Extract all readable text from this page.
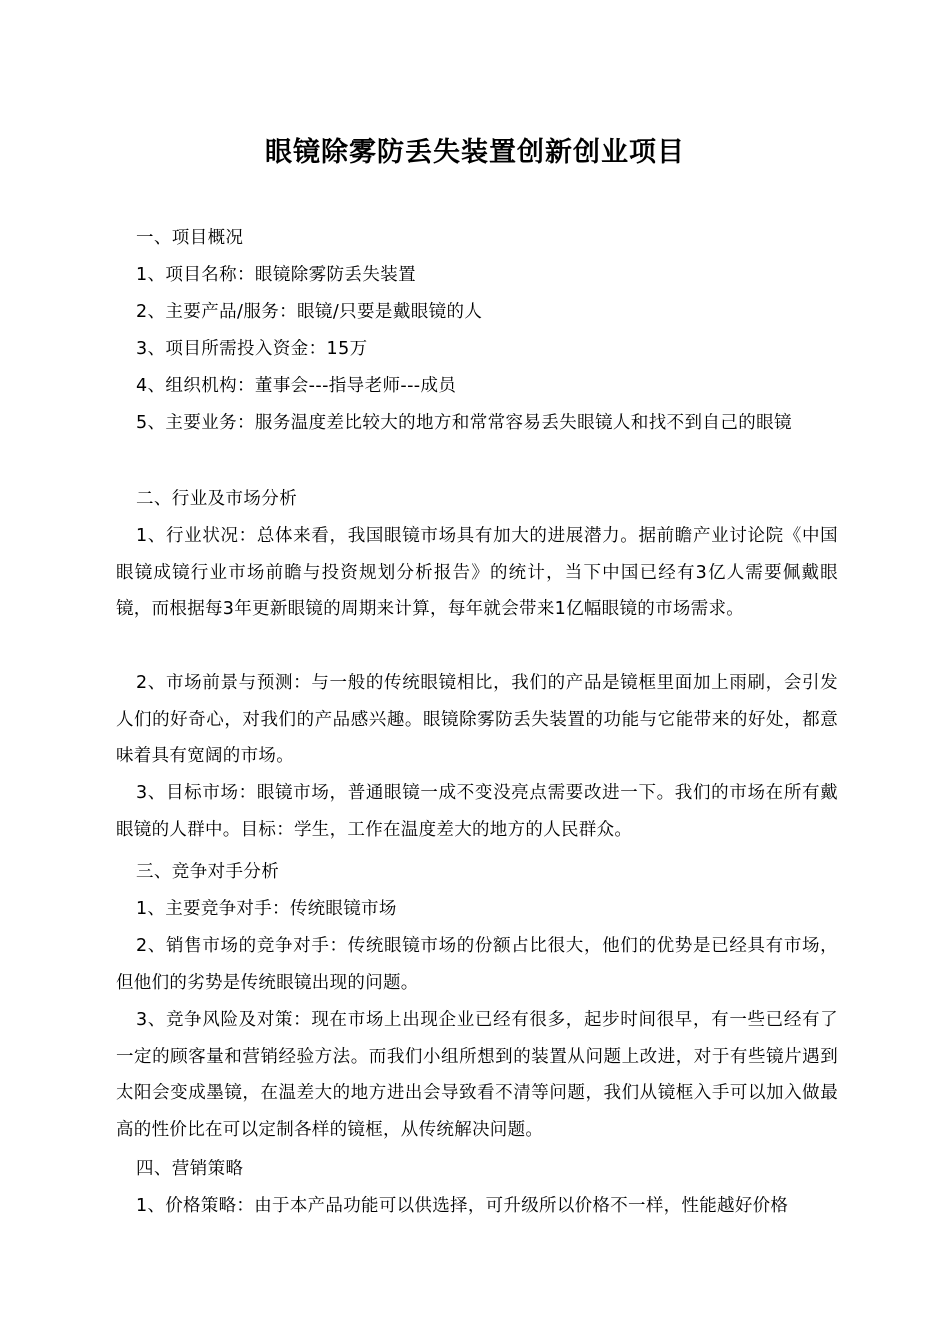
眼镜除雾防丢失装置创新创业项目
一、项目概况
1、项目名称：眼镜除雾防丢失装置
2、主要产品/服务：眼镜/只要是戴眼镜的人
3、项目所需投入资金：15万
4、组织机构：董事会---指导老师---成员
5、主要业务：服务温度差比较大的地方和常常容易丢失眼镜人和找不到自己的眼镜
二、行业及市场分析
1、行业状况：总体来看，我国眼镜市场具有加大的进展潜力。据前瞻产业讨论院《中国眼镜成镜行业市场前瞻与投资规划分析报告》的统计，当下中国已经有3亿人需要佩戴眼镜，而根据每3年更新眼镜的周期来计算，每年就会带来1亿幅眼镜的市场需求。
2、市场前景与预测：与一般的传统眼镜相比，我们的产品是镜框里面加上雨刷，会引发人们的好奇心，对我们的产品感兴趣。眼镜除雾防丢失装置的功能与它能带来的好处，都意味着具有宽阔的市场。
3、目标市场：眼镜市场，普通眼镜一成不变没亮点需要改进一下。我们的市场在所有戴眼镜的人群中。目标：学生，工作在温度差大的地方的人民群众。
三、竞争对手分析
1、主要竞争对手：传统眼镜市场
2、销售市场的竞争对手：传统眼镜市场的份额占比很大，他们的优势是已经具有市场，但他们的劣势是传统眼镜出现的问题。
3、竞争风险及对策：现在市场上出现企业已经有很多，起步时间很早，有一些已经有了一定的顾客量和营销经验方法。而我们小组所想到的装置从问题上改进，对于有些镜片遇到太阳会变成墨镜，在温差大的地方进出会导致看不清等问题，我们从镜框入手可以加入做最高的性价比在可以定制各样的镜框，从传统解决问题。
四、营销策略
1、价格策略：由于本产品功能可以供选择，可升级所以价格不一样，性能越好价格
